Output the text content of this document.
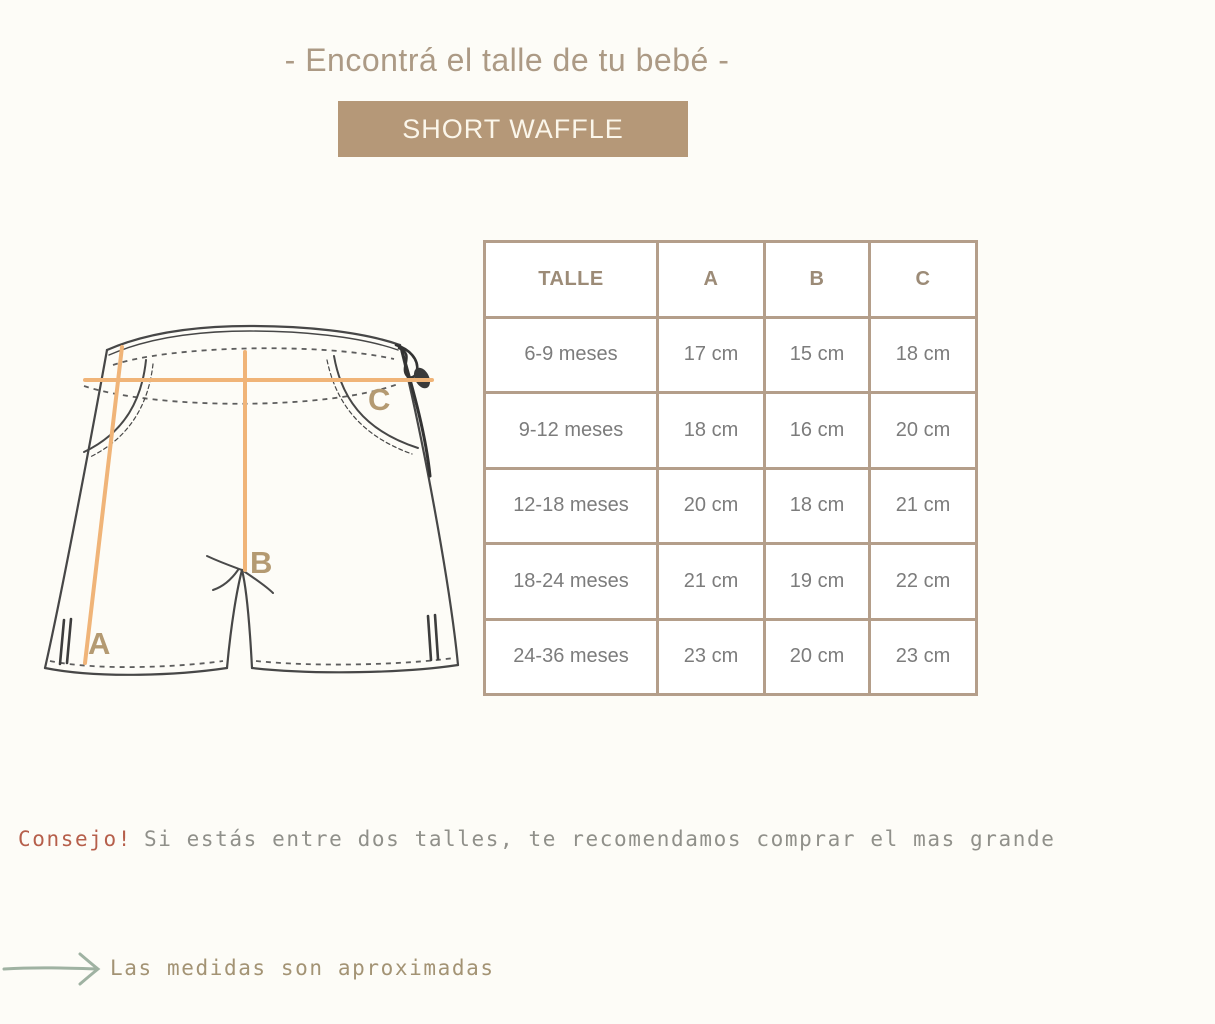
- Encontrá el talle de tu bebé -
SHORT WAFFLE
A
B
C
TALLE	A	B	C
6-9 meses	17 cm	15 cm	18 cm
9-12 meses	18 cm	16 cm	20 cm
12-18 meses	20 cm	18 cm	21 cm
18-24 meses	21 cm	19 cm	22 cm
24-36 meses	23 cm	20 cm	23 cm
Consejo! Si estás entre dos talles, te recomendamos comprar el mas grande
Las medidas son aproximadas
